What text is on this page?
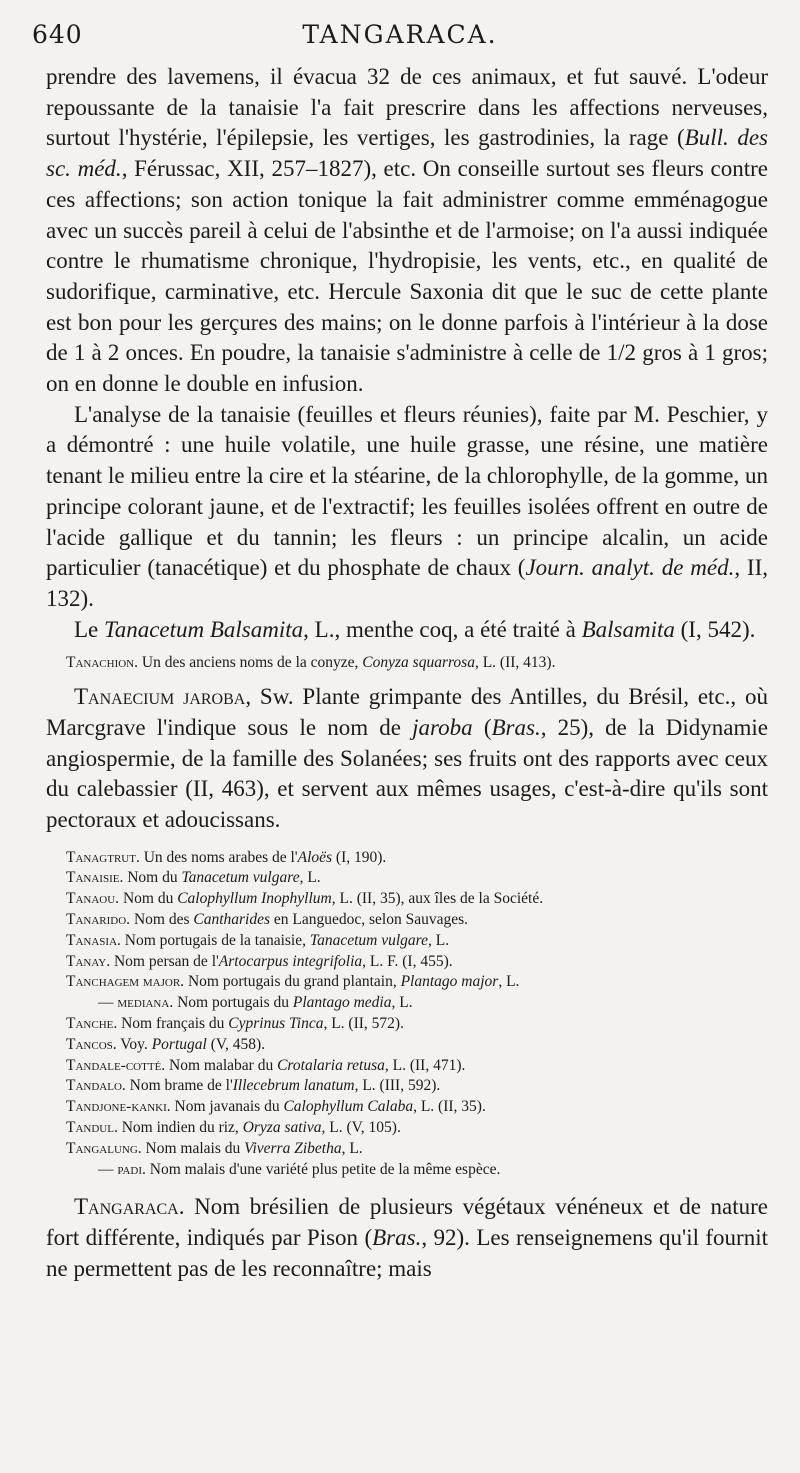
640	TANGARACA.

prendre des lavemens, il évacua 32 de ces animaux, et fut sauvé. L'odeur repoussante de la tanaisie l'a fait prescrire dans les affections nerveuses, surtout l'hystérie, l'épilepsie, les vertiges, les gastrodinies, la rage (Bull. des sc. méd., Férussac, XII, 257–1827), etc. On conseille surtout ses fleurs contre ces affections; son action tonique la fait administrer comme emménagogue avec un succès pareil à celui de l'absinthe et de l'armoise; on l'a aussi indiquée contre le rhumatisme chronique, l'hydropisie, les vents, etc., en qualité de sudorifique, carminative, etc. Hercule Saxonia dit que le suc de cette plante est bon pour les gerçures des mains; on le donne parfois à l'intérieur à la dose de 1 à 2 onces. En poudre, la tanaisie s'administre à celle de 1/2 gros à 1 gros; on en donne le double en infusion.

L'analyse de la tanaisie (feuilles et fleurs réunies), faite par M. Peschier, y a démontré : une huile volatile, une huile grasse, une résine, une matière tenant le milieu entre la cire et la stéarine, de la chlorophylle, de la gomme, un principe colorant jaune, et de l'extractif; les feuilles isolées offrent en outre de l'acide gallique et du tannin; les fleurs : un principe alcalin, un acide particulier (tanacétique) et du phosphate de chaux (Journ. analyt. de méd., II, 132).

Le Tanacetum Balsamita, L., menthe coq, a été traité à Balsamita (I, 542).

Tanachion. Un des anciens noms de la conyze, Conyza squarrosa, L. (II, 413).

Tanaecium jaroba, Sw. Plante grimpante des Antilles, du Brésil, etc., où Marcgrave l'indique sous le nom de jaroba (Bras., 25), de la Didynamie angiospermie, de la famille des Solanées; ses fruits ont des rapports avec ceux du calebassier (II, 463), et servent aux mêmes usages, c'est-à-dire qu'ils sont pectoraux et adoucissans.

Tanagtrut. Un des noms arabes de l'Aloës (I, 190).

Tanaisie. Nom du Tanacetum vulgare, L.

Tanaou. Nom du Calophyllum Inophyllum, L. (II, 35), aux îles de la Société.

Tanarido. Nom des Cantharides en Languedoc, selon Sauvages.

Tanasia. Nom portugais de la tanaisie, Tanacetum vulgare, L.

Tanay. Nom persan de l'Artocarpus integrifolia, L. F. (I, 455).

Tanchagem major. Nom portugais du grand plantain, Plantago major, L.

— mediana. Nom portugais du Plantago media, L.

Tanche. Nom français du Cyprinus Tinca, L. (II, 572).

Tancos. Voy. Portugal (V, 458).

Tandale-cotté. Nom malabar du Crotalaria retusa, L. (II, 471).

Tandalo. Nom brame de l'Illecebrum lanatum, L. (III, 592).

Tandjone-kanki. Nom javanais du Calophyllum Calaba, L. (II, 35).

Tandul. Nom indien du riz, Oryza sativa, L. (V, 105).

Tangalung. Nom malais du Viverra Zibetha, L.

— padi. Nom malais d'une variété plus petite de la même espèce.

Tangaraca. Nom brésilien de plusieurs végétaux vénéneux et de nature fort différente, indiqués par Pison (Bras., 92). Les renseignemens qu'il fournit ne permettent pas de les reconnaître; mais
